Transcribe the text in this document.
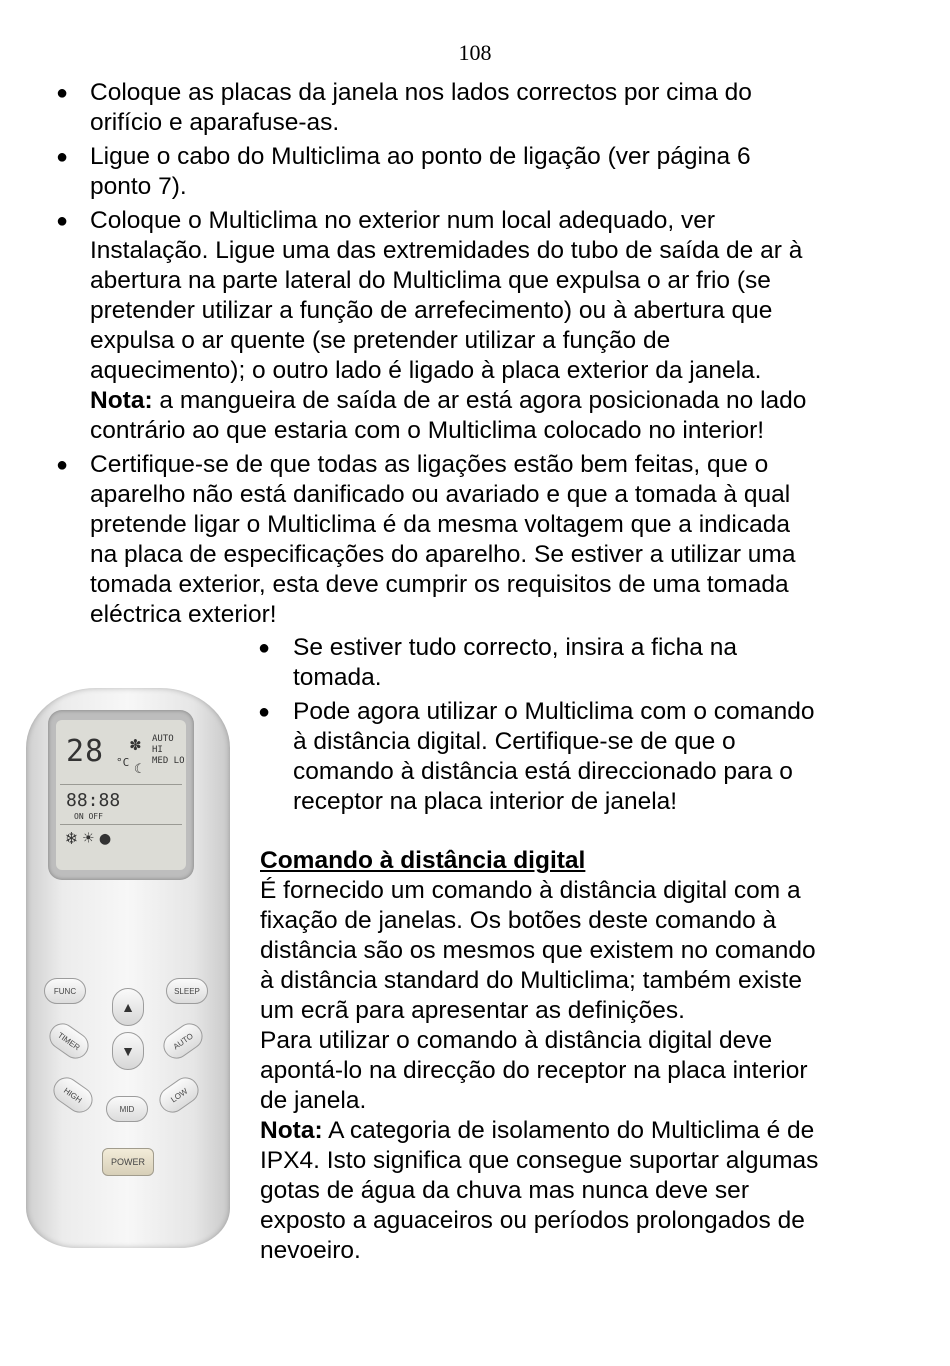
108
● Coloque as placas da janela nos lados correctos por cima do
orifício e aparafuse-as.

● Ligue o cabo do Multiclima ao ponto de ligação (ver página 6
ponto 7).

● Coloque o Multiclima no exterior num local adequado, ver
Instalação. Ligue uma das extremidades do tubo de saída de ar à
abertura na parte lateral do Multiclima que expulsa o ar frio (se
pretender utilizar a função de arrefecimento) ou à abertura que
expulsa o ar quente (se pretender utilizar a função de
aquecimento); o outro lado é ligado à placa exterior da janela.
Nota: a mangueira de saída de ar está agora posicionada no lado
contrário ao que estaria com o Multiclima colocado no interior!

● Certifique-se de que todas as ligações estão bem feitas, que o
aparelho não está danificado ou avariado e que a tomada à qual
pretende ligar o Multiclima é da mesma voltagem que a indicada
na placa de especificações do aparelho. Se estiver a utilizar uma
tomada exterior, esta deve cumprir os requisitos de uma tomada
eléctrica exterior!

● Se estiver tudo correcto, insira a ficha na
tomada.

● Pode agora utilizar o Multiclima com o comando
à distância digital. Certifique-se de que o
comando à distância está direccionado para o
receptor na placa interior de janela!

Comando à distância digital
É fornecido um comando à distância digital com a
fixação de janelas. Os botões deste comando à
distância são os mesmos que existem no comando
à distância standard do Multiclima; também existe
um ecrã para apresentar as definições.
Para utilizar o comando à distância digital deve
apontá-lo na direcção do receptor na placa interior
de janela.
Nota: A categoria de isolamento do Multiclima é de
IPX4. Isto significa que consegue suportar algumas
gotas de água da chuva mas nunca deve ser
exposto a aguaceiros ou períodos prolongados de
nevoeiro.

28 °C
✽ AUTO HI
MED LO
☾
88:88
ON OFF
❄☀●
FUNC	SLEEP
▲
TIMER	AUTO
▼
HIGH
MID
LOW
POWER
